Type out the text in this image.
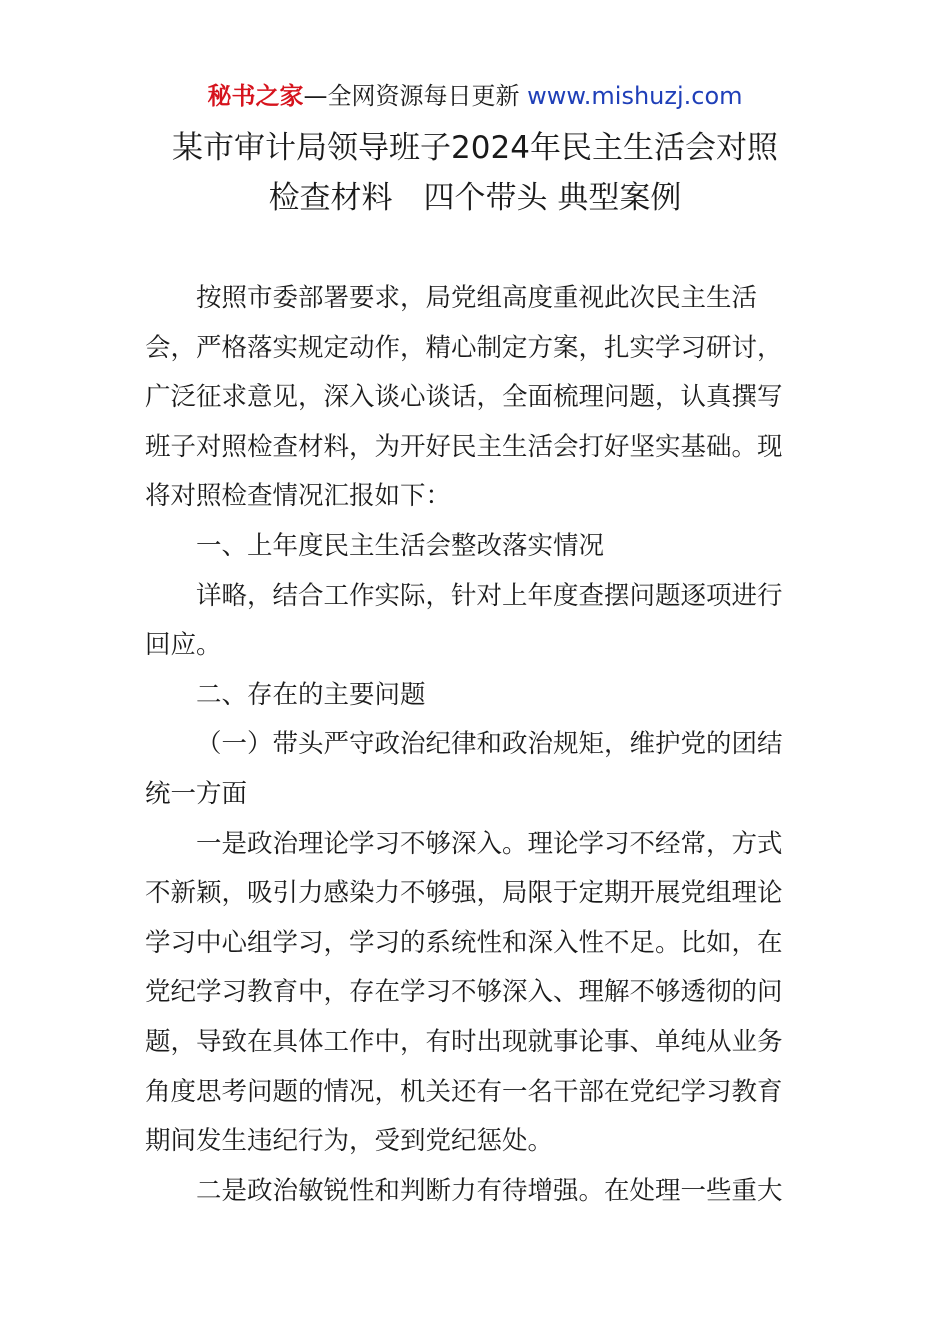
秘书之家—全网资源每日更新 www.mishuzj.com
某市审计局领导班子2024年民主生活会对照
检查材料　四个带头 典型案例

按照市委部署要求，局党组高度重视此次民主生活

会，严格落实规定动作，精心制定方案，扎实学习研讨，

广泛征求意见，深入谈心谈话，全面梳理问题，认真撰写

班子对照检查材料，为开好民主生活会打好坚实基础。现

将对照检查情况汇报如下：

一、上年度民主生活会整改落实情况

详略，结合工作实际，针对上年度查摆问题逐项进行

回应。

二、存在的主要问题

（一）带头严守政治纪律和政治规矩，维护党的团结

统一方面

一是政治理论学习不够深入。理论学习不经常，方式

不新颖，吸引力感染力不够强，局限于定期开展党组理论

学习中心组学习，学习的系统性和深入性不足。比如，在

党纪学习教育中，存在学习不够深入、理解不够透彻的问

题，导致在具体工作中，有时出现就事论事、单纯从业务

角度思考问题的情况，机关还有一名干部在党纪学习教育

期间发生违纪行为，受到党纪惩处。

二是政治敏锐性和判断力有待增强。在处理一些重大
